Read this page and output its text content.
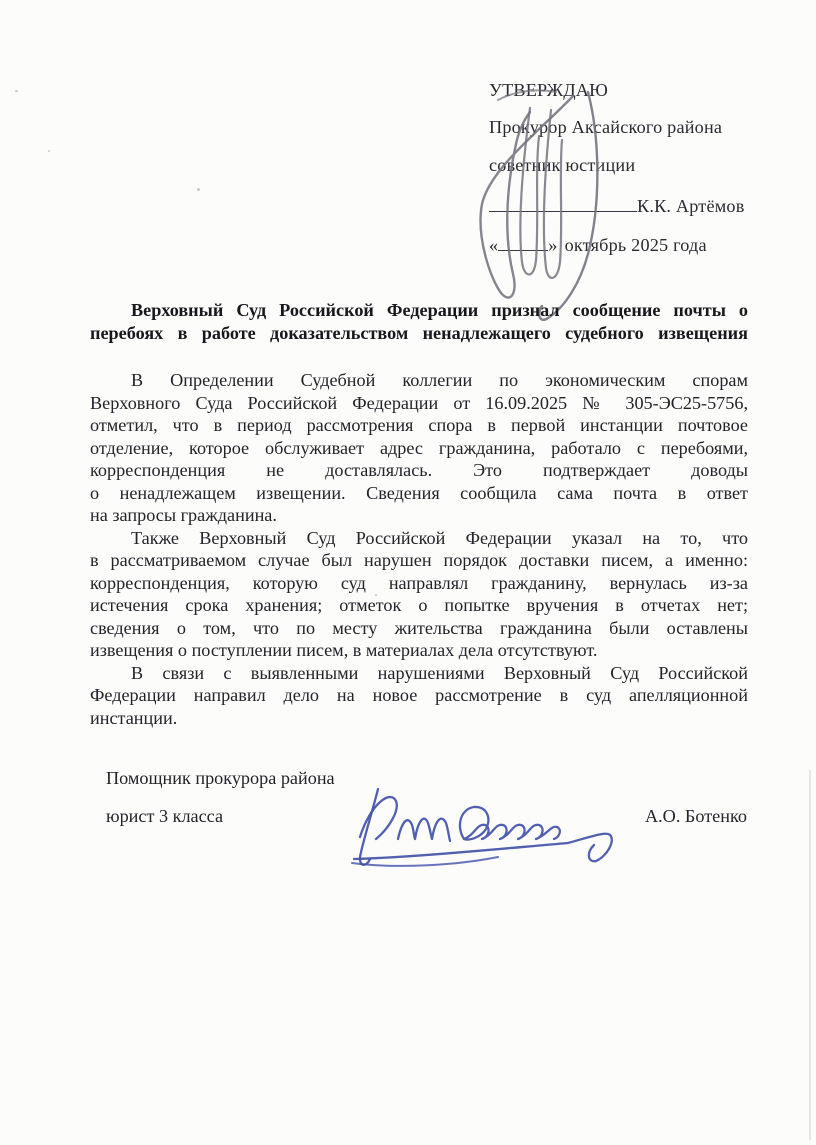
УТВЕРЖДАЮ
Прокурор Аксайского района
советник юстиции
К.К. Артёмов
«	» октябрь 2025 года
Верховный Суд Российской Федерации признал сообщение почты о
перебоях в работе доказательством ненадлежащего судебного извещения
В Определении Судебной коллегии по экономическим спорам
Верховного Суда Российской Федерации от 16.09.2025 № 305-ЭС25-5756,
отметил, что в период рассмотрения спора в первой инстанции почтовое
отделение, которое обслуживает адрес гражданина, работало с перебоями,
корреспонденция не доставлялась. Это подтверждает доводы
о ненадлежащем извещении. Сведения сообщила сама почта в ответ
на запросы гражданина.
Также Верховный Суд Российской Федерации указал на то, что
в рассматриваемом случае был нарушен порядок доставки писем, а именно:
корреспонденция, которую суд направлял гражданину, вернулась из-за
истечения срока хранения; отметок о попытке вручения в отчетах нет;
сведения о том, что по месту жительства гражданина были оставлены
извещения о поступлении писем, в материалах дела отсутствуют.
В связи с выявленными нарушениями Верховный Суд Российской
Федерации направил дело на новое рассмотрение в суд апелляционной
инстанции.
Помощник прокурора района
юрист 3 класса	А.О. Ботенко
